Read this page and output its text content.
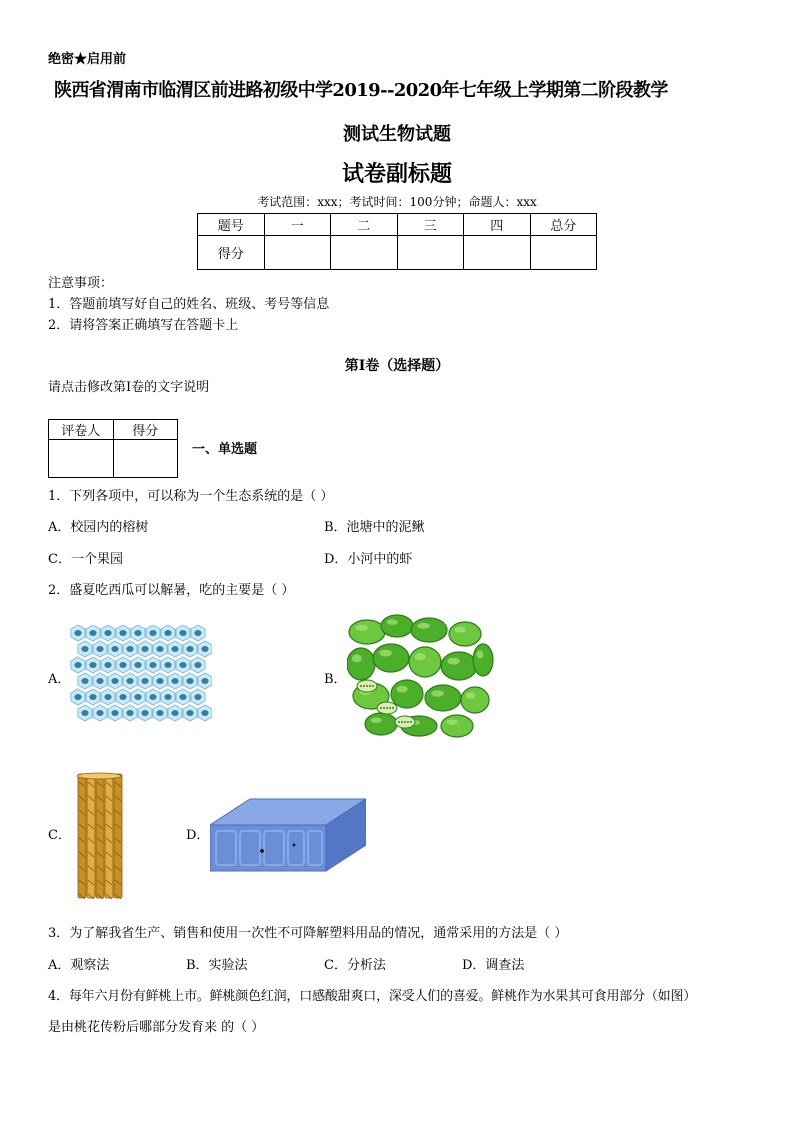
绝密★启用前
陕西省渭南市临渭区前进路初级中学2019--2020年七年级上学期第二阶段教学
测试生物试题
试卷副标题
考试范围：xxx；考试时间：100分钟；命题人：xxx
题号	一	二	三	四	总分
得分					
注意事项：
1．答题前填写好自己的姓名、班级、考号等信息
2．请将答案正确填写在答题卡上
第I卷（选择题）
请点击修改第I卷的文字说明
评卷人	得分

一、单选题
1．下列各项中，可以称为一个生态系统的是（ ）
A．校园内的榕树	B．池塘中的泥鳅
C．一个果园	D．小河中的虾
2．盛夏吃西瓜可以解暑，吃的主要是（ ）
A．	B．
C．	D．
3．为了解我省生产、销售和使用一次性不可降解塑料用品的情况，通常采用的方法是（ ）
A．观察法	B．实验法	C．分析法	D．调查法
4．每年六月份有鲜桃上市。鲜桃颜色红润，口感酸甜爽口，深受人们的喜爱。鲜桃作为水果其可食用部分（如图）
是由桃花传粉后哪部分发育来 的（ ）
